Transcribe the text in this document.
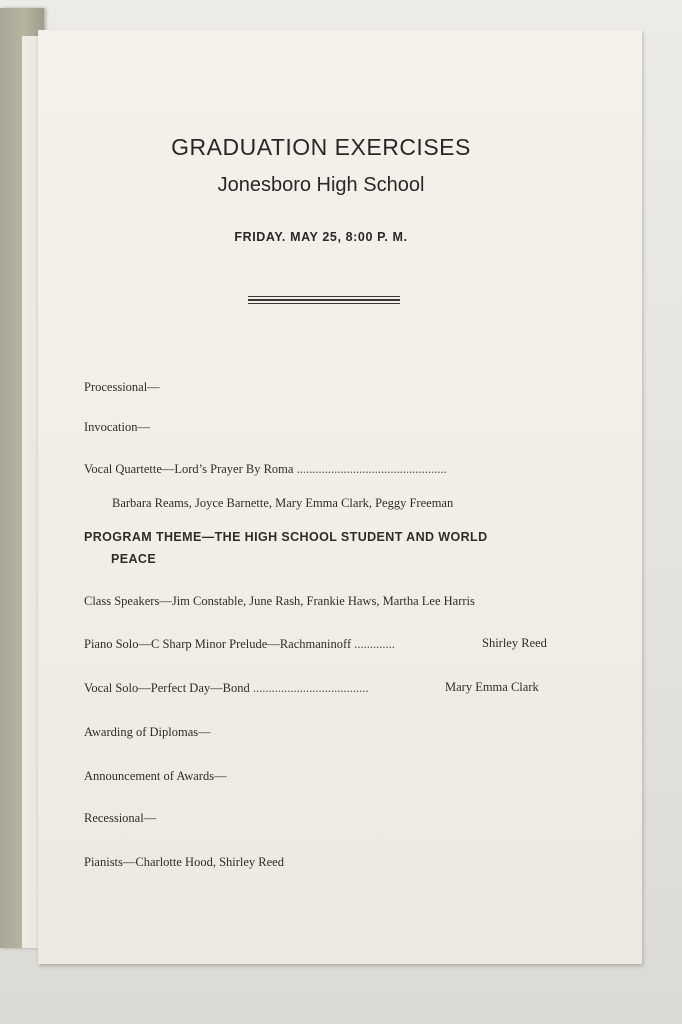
GRADUATION EXERCISES
Jonesboro High School
FRIDAY. MAY 25, 8:00 P. M.
Processional—
Invocation—
Vocal Quartette—Lord’s Prayer By Roma ................................................
Barbara Reams, Joyce Barnette, Mary Emma Clark, Peggy Freeman
PROGRAM THEME—THE HIGH SCHOOL STUDENT AND WORLD
PEACE
Class Speakers—Jim Constable, June Rash, Frankie Haws, Martha Lee Harris
Piano Solo—C Sharp Minor Prelude—Rachmaninoff .............	Shirley Reed
Vocal Solo—Perfect Day—Bond .....................................	Mary Emma Clark
Awarding of Diplomas—
Announcement of Awards—
Recessional—
Pianists—Charlotte Hood, Shirley Reed
